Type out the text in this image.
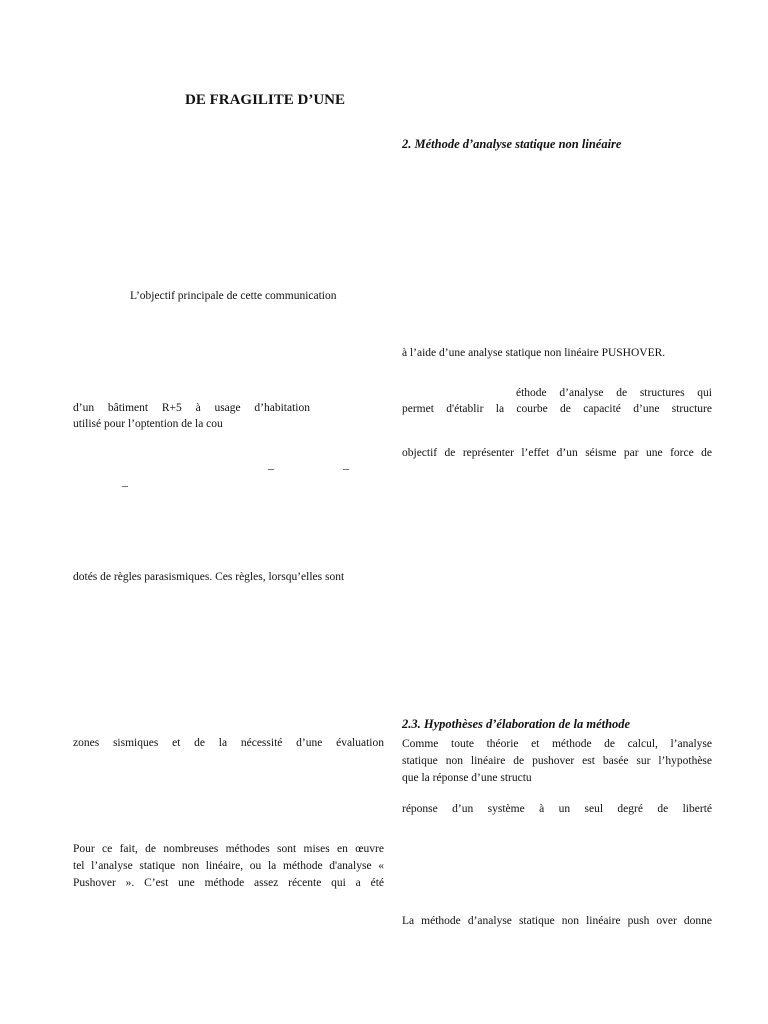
DE FRAGILITE D’UNE
L’objectif principale de cette communication
d’un bâtiment R+5 à usage d’habitation
utilisé pour l’optention de la cou
–	–
–
dotés de règles parasismiques. Ces règles, lorsqu’elles sont
zones sismiques et de la nécessité d’une évaluation
Pour ce fait, de nombreuses méthodes sont mises en œuvre
tel l’analyse statique non linéaire, ou la méthode d'analyse «
Pushover ». C’est une méthode assez récente qui a été
2. Méthode d’analyse statique non linéaire
à l’aide d’une analyse statique non linéaire PUSHOVER.
éthode d’analyse de structures qui
permet d'établir la courbe de capacité d’une structure
objectif de représenter l’effet d’un séisme par une force de
2.3. Hypothèses d’élaboration de la méthode
Comme toute théorie et méthode de calcul, l’analyse
statique non linéaire de pushover est basée sur l’hypothèse
que la réponse d’une structu
réponse d’un système à un seul degré de liberté
La méthode d’analyse statique non linéaire push over donne
